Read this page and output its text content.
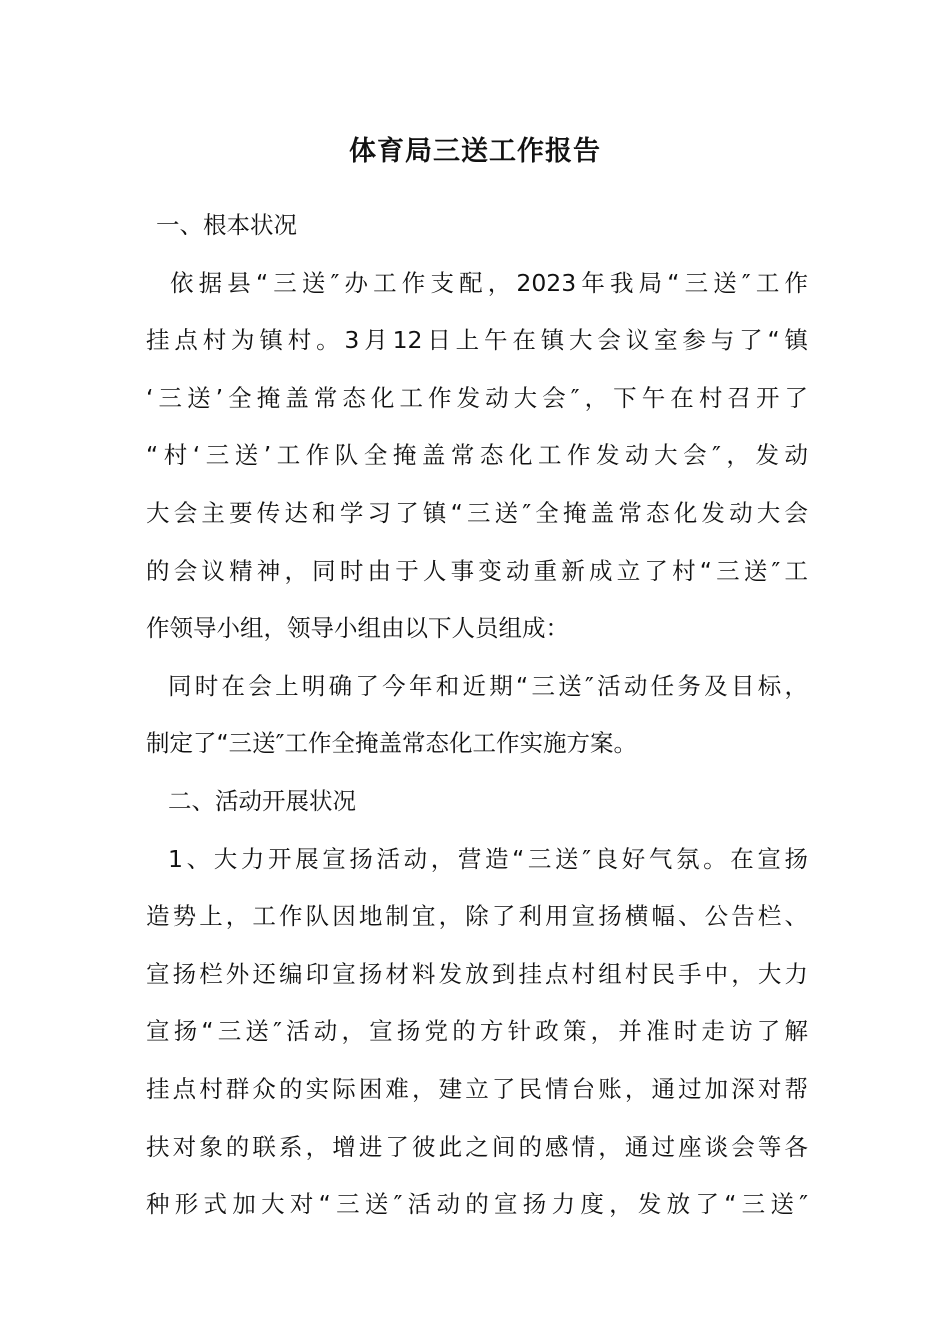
体育局三送工作报告
一、根本状况
依据县“三送″办工作支配，2023年我局“三送″工作
挂点村为镇村。3月12日上午在镇大会议室参与了“镇
‘三送’全掩盖常态化工作发动大会″，下午在村召开了
“村‘三送’工作队全掩盖常态化工作发动大会″，发动
大会主要传达和学习了镇“三送″全掩盖常态化发动大会
的会议精神，同时由于人事变动重新成立了村“三送″工
作领导小组，领导小组由以下人员组成：
同时在会上明确了今年和近期“三送″活动任务及目标，
制定了“三送″工作全掩盖常态化工作实施方案。
二、活动开展状况
1、大力开展宣扬活动，营造“三送″良好气氛。在宣扬
造势上，工作队因地制宜，除了利用宣扬横幅、公告栏、
宣扬栏外还编印宣扬材料发放到挂点村组村民手中，大力
宣扬“三送″活动，宣扬党的方针政策，并准时走访了解
挂点村群众的实际困难，建立了民情台账，通过加深对帮
扶对象的联系，增进了彼此之间的感情，通过座谈会等各
种形式加大对“三送″活动的宣扬力度，发放了“三送″
